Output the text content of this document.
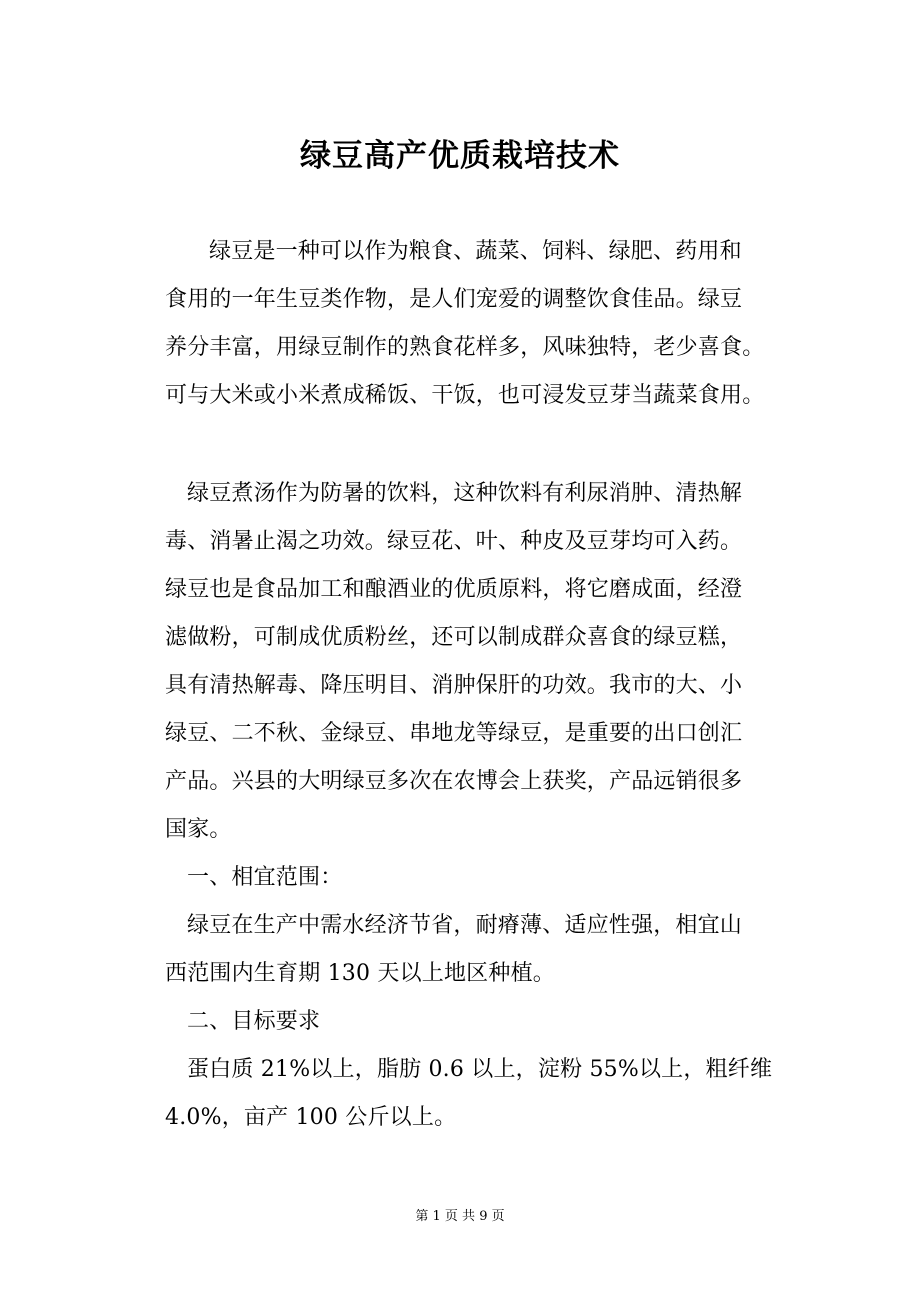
绿豆高产优质栽培技术
绿豆是一种可以作为粮食、蔬菜、饲料、绿肥、药用和
食用的一年生豆类作物，是人们宠爱的调整饮食佳品。绿豆
养分丰富，用绿豆制作的熟食花样多，风味独特，老少喜食。
可与大米或小米煮成稀饭、干饭，也可浸发豆芽当蔬菜食用。
绿豆煮汤作为防暑的饮料，这种饮料有利尿消肿、清热解
毒、消暑止渴之功效。绿豆花、叶、种皮及豆芽均可入药。
绿豆也是食品加工和酿酒业的优质原料，将它磨成面，经澄
滤做粉，可制成优质粉丝，还可以制成群众喜食的绿豆糕，
具有清热解毒、降压明目、消肿保肝的功效。我市的大、小
绿豆、二不秋、金绿豆、串地龙等绿豆，是重要的出口创汇
产品。兴县的大明绿豆多次在农博会上获奖，产品远销很多
国家。
一、相宜范围：
绿豆在生产中需水经济节省，耐瘠薄、适应性强，相宜山
西范围内生育期 130 天以上地区种植。
二、目标要求
蛋白质 21%以上，脂肪 0.6 以上，淀粉 55%以上，粗纤维
4.0%，亩产 100 公斤以上。
第 1 页 共 9 页
